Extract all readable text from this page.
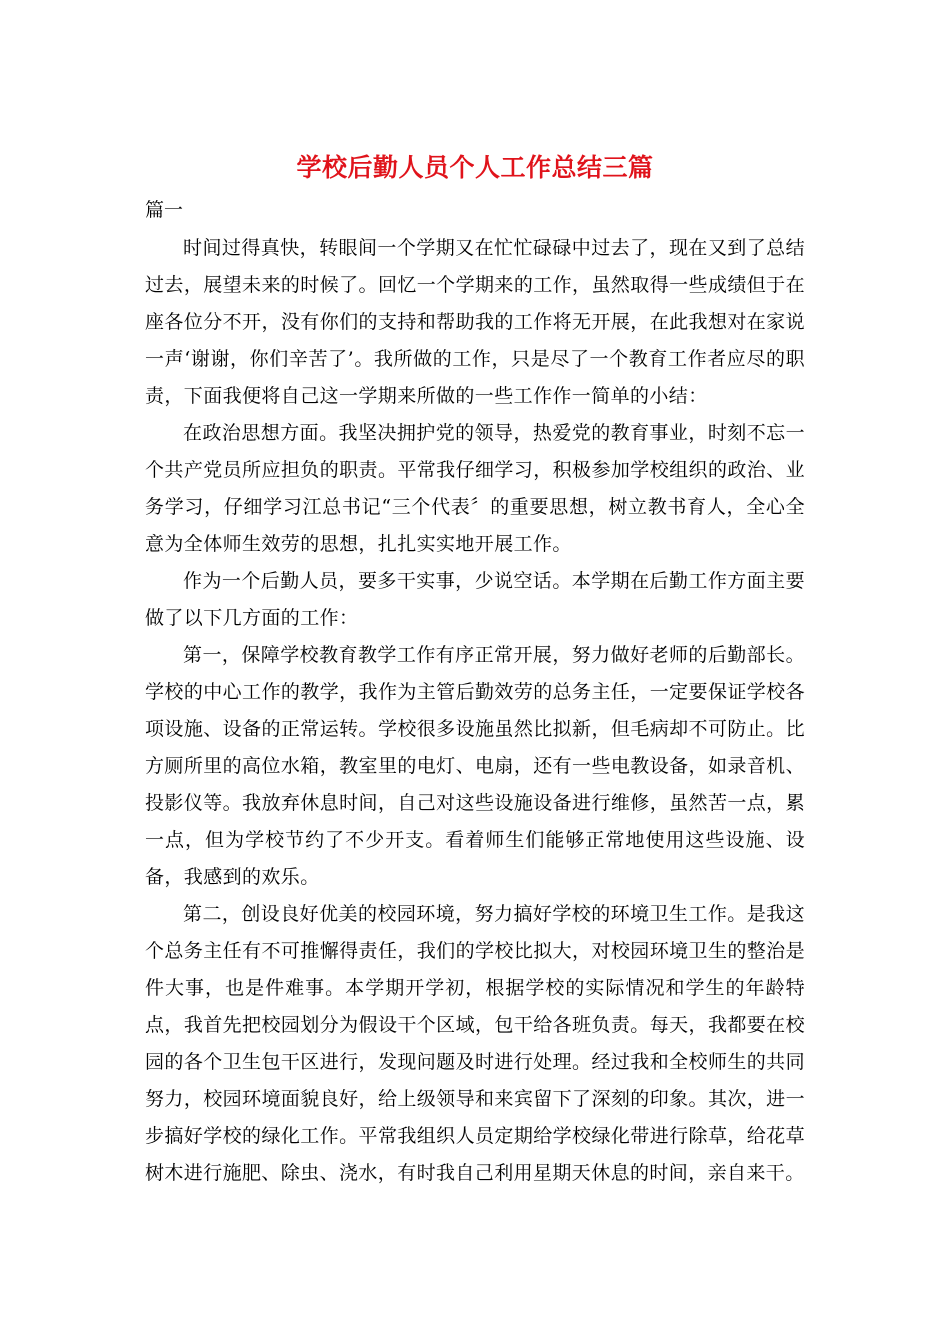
学校后勤人员个人工作总结三篇
篇一

时间过得真快，转眼间一个学期又在忙忙碌碌中过去了，现在又到了总结过去，展望未来的时候了。回忆一个学期来的工作，虽然取得一些成绩但于在座各位分不开，没有你们的支持和帮助我的工作将无开展，在此我想对在家说一声‘谢谢，你们辛苦了’。我所做的工作，只是尽了一个教育工作者应尽的职责，下面我便将自己这一学期来所做的一些工作作一简单的小结：

在政治思想方面。我坚决拥护党的领导，热爱党的教育事业，时刻不忘一个共产党员所应担负的职责。平常我仔细学习，积极参加学校组织的政治、业务学习，仔细学习江总书记“三个代表〞的重要思想，树立教书育人，全心全意为全体师生效劳的思想，扎扎实实地开展工作。

作为一个后勤人员，要多干实事，少说空话。本学期在后勤工作方面主要做了以下几方面的工作：

第一，保障学校教育教学工作有序正常开展，努力做好老师的后勤部长。学校的中心工作的教学，我作为主管后勤效劳的总务主任，一定要保证学校各项设施、设备的正常运转。学校很多设施虽然比拟新，但毛病却不可防止。比方厕所里的高位水箱，教室里的电灯、电扇，还有一些电教设备，如录音机、投影仪等。我放弃休息时间，自己对这些设施设备进行维修，虽然苦一点，累一点，但为学校节约了不少开支。看着师生们能够正常地使用这些设施、设备，我感到的欢乐。

第二，创设良好优美的校园环境，努力搞好学校的环境卫生工作。是我这个总务主任有不可推懈得责任，我们的学校比拟大，对校园环境卫生的整治是件大事，也是件难事。本学期开学初，根据学校的实际情况和学生的年龄特点，我首先把校园划分为假设干个区域，包干给各班负责。每天，我都要在校园的各个卫生包干区进行，发现问题及时进行处理。经过我和全校师生的共同努力，校园环境面貌良好，给上级领导和来宾留下了深刻的印象。其次，进一步搞好学校的绿化工作。平常我组织人员定期给学校绿化带进行除草，给花草树木进行施肥、除虫、浇水，有时我自己利用星期天休息的时间，亲自来干。
